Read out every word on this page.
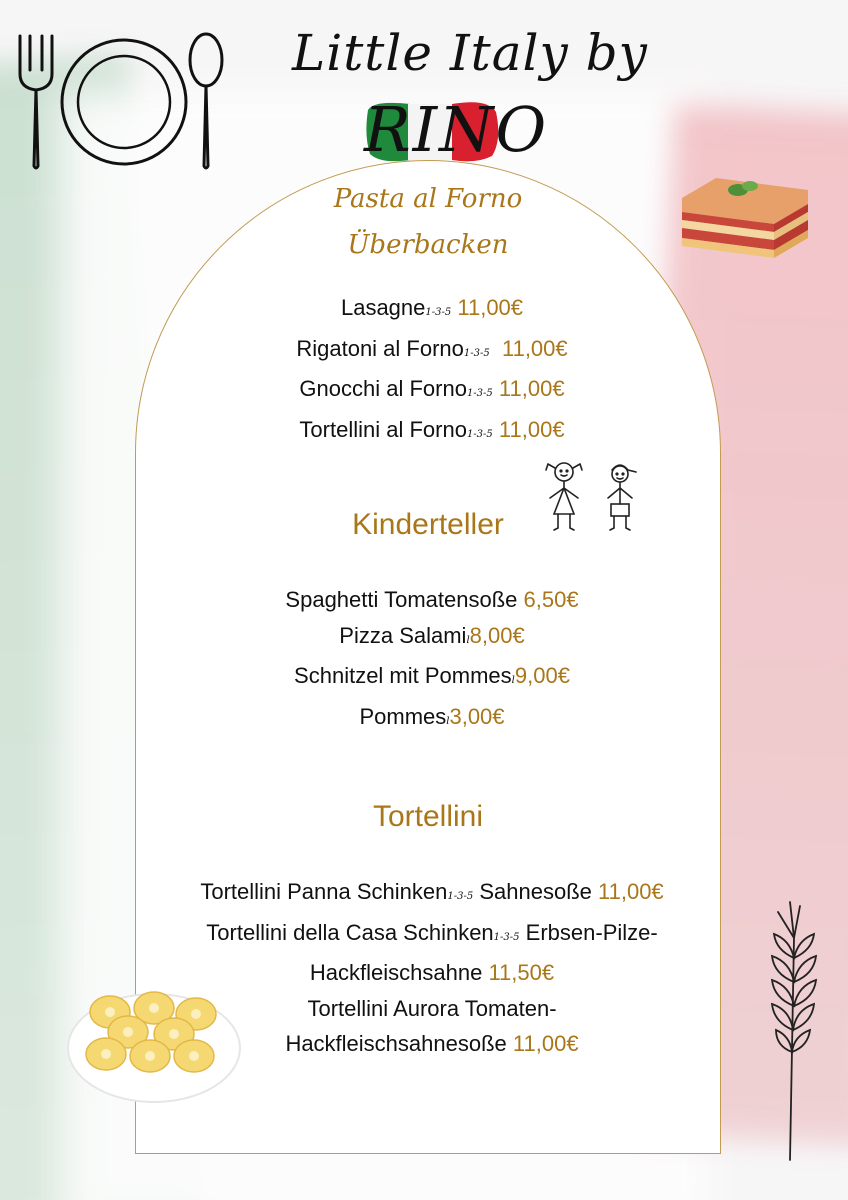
Little Italy by
RINO
Pasta al Forno
Überbacken
Lasagne1-3-5 11,00€
Rigatoni al Forno1-3-5 11,00€
Gnocchi al Forno1-3-5 11,00€
Tortellini al Forno1-3-5 11,00€
Kinderteller
Spaghetti Tomatensoße 6,50€
Pizza Salamil8,00€
Schnitzel mit Pommesl9,00€
Pommesl3,00€
Tortellini
Tortellini Panna Schinken1-3-5 Sahnesoße 11,00€
Tortellini della Casa Schinken1-3-5 Erbsen-Pilze-
Hackfleischsahne 11,50€
Tortellini Aurora Tomaten-
Hackfleischsahnesoße 11,00€
